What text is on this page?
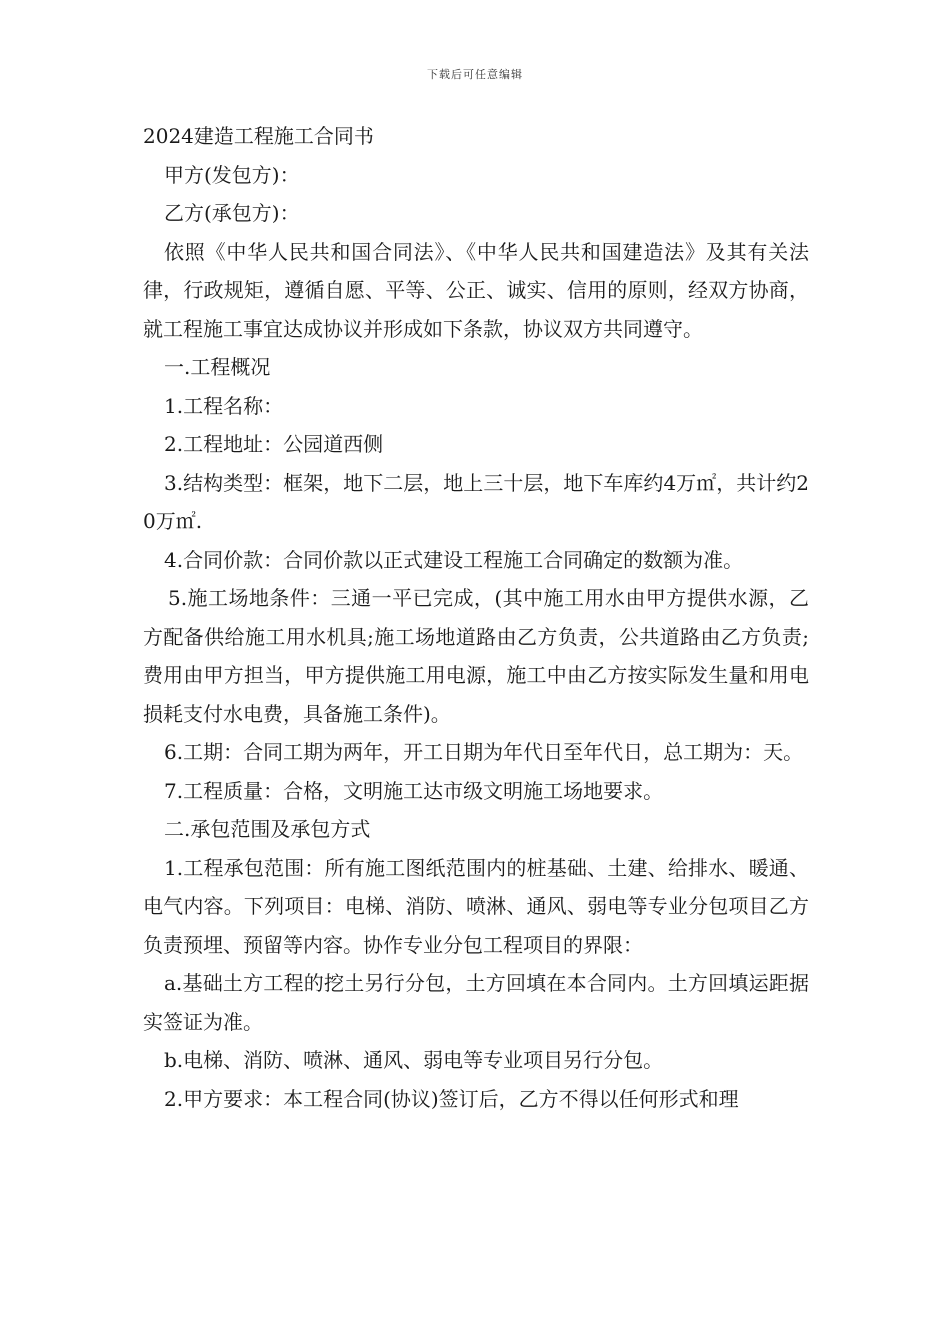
下载后可任意编辑

2024建造工程施工合同书

甲方(发包方)：

乙方(承包方)：

依照《中华人民共和国合同法》、《中华人民共和国建造法》及其有关法律，行政规矩，遵循自愿、平等、公正、诚实、信用的原则，经双方协商，就工程施工事宜达成协议并形成如下条款，协议双方共同遵守。

一.工程概况

1.工程名称：

2.工程地址：公园道西侧

3.结构类型：框架，地下二层，地上三十层，地下车库约4万㎡，共计约20万㎡.

4.合同价款：合同价款以正式建设工程施工合同确定的数额为准。

5.施工场地条件：三通一平已完成，(其中施工用水由甲方提供水源，乙方配备供给施工用水机具;施工场地道路由乙方负责，公共道路由乙方负责;费用由甲方担当，甲方提供施工用电源，施工中由乙方按实际发生量和用电损耗支付水电费，具备施工条件)。

6.工期：合同工期为两年，开工日期为年代日至年代日，总工期为：天。

7.工程质量：合格，文明施工达市级文明施工场地要求。

二.承包范围及承包方式

1.工程承包范围：所有施工图纸范围内的桩基础、土建、给排水、暖通、电气内容。下列项目：电梯、消防、喷淋、通风、弱电等专业分包项目乙方负责预埋、预留等内容。协作专业分包工程项目的界限：

a.基础土方工程的挖土另行分包，土方回填在本合同内。土方回填运距据实签证为准。

b.电梯、消防、喷淋、通风、弱电等专业项目另行分包。

2.甲方要求：本工程合同(协议)签订后，乙方不得以任何形式和理
